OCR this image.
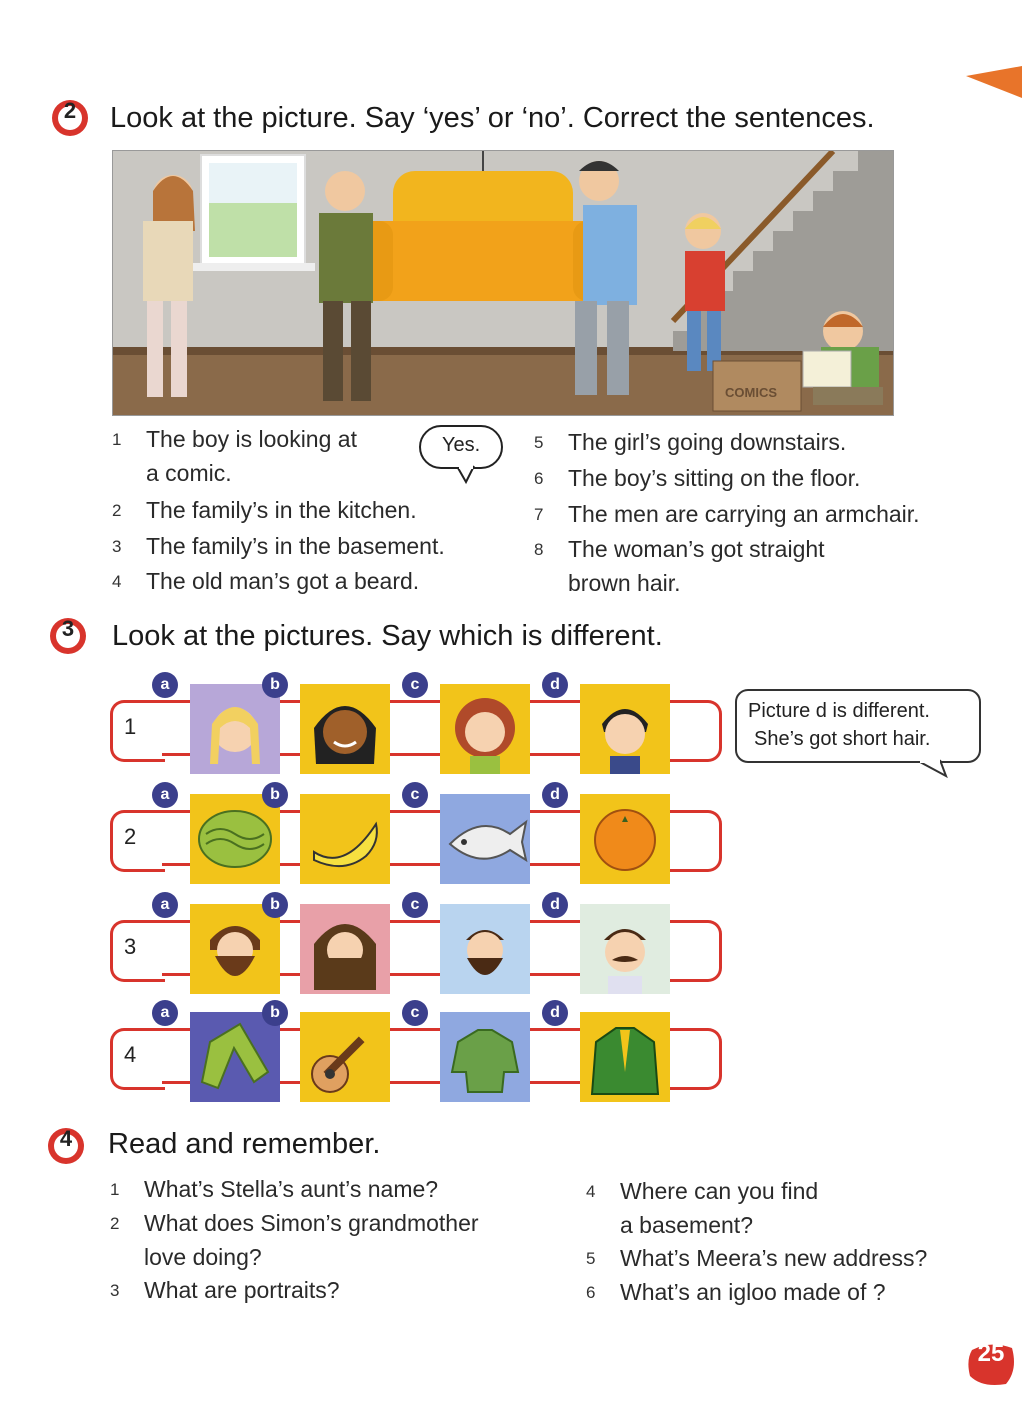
2	Look at the picture. Say ‘yes’ or ‘no’. Correct the sentences.
COMICS
1 The boy is looking at
a comic.
Yes.
2 The family’s in the kitchen.
3 The family’s in the basement.
4 The old man’s got a beard.
5 The girl’s going downstairs.
6 The boy’s sitting on the floor.
7 The men are carrying an armchair.
8 The woman’s got straight
brown hair.
3	Look at the pictures. Say which is different.
1
a	b	c	d
2
a	b	c	d
3
a	b	c	d
4
a	b	c	d
Picture d is different.
She’s got short hair.
4	Read and remember.
1 What’s Stella’s aunt’s name?
2 What does Simon’s grandmother
love doing?
3 What are portraits?
4 Where can you find
a basement?
5 What’s Meera’s new address?
6 What’s an igloo made of ?
25
